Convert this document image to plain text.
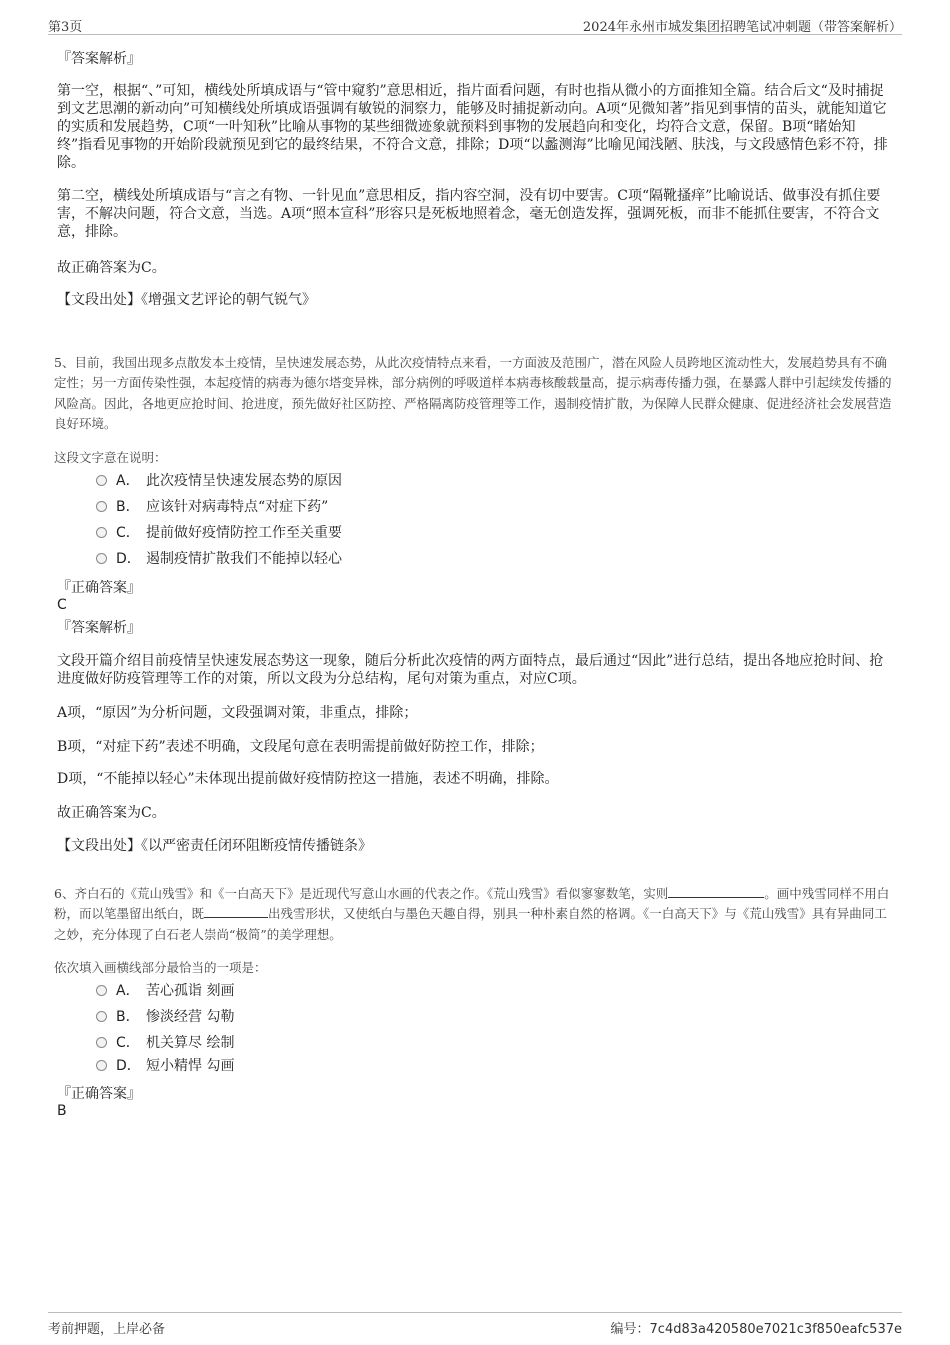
第3页	2024年永州市城发集团招聘笔试冲刺题（带答案解析）
『答案解析』

第一空，根据“、”可知，横线处所填成语与“管中窥豹”意思相近，指片面看问题，有时也指从微小的方面推知全篇。结合后文“及时捕捉到文艺思潮的新动向”可知横线处所填成语强调有敏锐的洞察力，能够及时捕捉新动向。A项“见微知著”指见到事情的苗头，就能知道它的实质和发展趋势，C项“一叶知秋”比喻从事物的某些细微迹象就预料到事物的发展趋向和变化，均符合文意，保留。B项“睹始知终”指看见事物的开始阶段就预见到它的最终结果，不符合文意，排除；D项“以蠡测海”比喻见闻浅陋、肤浅，与文段感情色彩不符，排除。

第二空，横线处所填成语与“言之有物、一针见血”意思相反，指内容空洞，没有切中要害。C项“隔靴搔痒”比喻说话、做事没有抓住要害，不解决问题，符合文意，当选。A项“照本宣科”形容只是死板地照着念，毫无创造发挥，强调死板，而非不能抓住要害，不符合文意，排除。

故正确答案为C。

【文段出处】《增强文艺评论的朝气锐气》

5、目前，我国出现多点散发本土疫情，呈快速发展态势，从此次疫情特点来看，一方面波及范围广，潜在风险人员跨地区流动性大，发展趋势具有不确定性；另一方面传染性强，本起疫情的病毒为德尔塔变异株，部分病例的呼吸道样本病毒核酸载量高，提示病毒传播力强，在暴露人群中引起续发传播的风险高。因此，各地更应抢时间、抢进度，预先做好社区防控、严格隔离防疫管理等工作，遏制疫情扩散，为保障人民群众健康、促进经济社会发展营造良好环境。

这段文字意在说明：

A． 此次疫情呈快速发展态势的原因
B． 应该针对病毒特点“对症下药”
C． 提前做好疫情防控工作至关重要
D． 遏制疫情扩散我们不能掉以轻心
『正确答案』
C
『答案解析』

文段开篇介绍目前疫情呈快速发展态势这一现象，随后分析此次疫情的两方面特点，最后通过“因此”进行总结，提出各地应抢时间、抢进度做好防疫管理等工作的对策，所以文段为分总结构，尾句对策为重点，对应C项。

A项，“原因”为分析问题，文段强调对策，非重点，排除；

B项，“对症下药”表述不明确，文段尾句意在表明需提前做好防控工作，排除；

D项，“不能掉以轻心”未体现出提前做好疫情防控这一措施，表述不明确，排除。

故正确答案为C。

【文段出处】《以严密责任闭环阻断疫情传播链条》

6、齐白石的《荒山残雪》和《一白高天下》是近现代写意山水画的代表之作。《荒山残雪》看似寥寥数笔，实则	。画中残雪同样不用白粉，而以笔墨留出纸白，既	出残雪形状，又使纸白与墨色天趣自得，别具一种朴素自然的格调。《一白高天下》与《荒山残雪》具有异曲同工之妙，充分体现了白石老人崇尚“极简”的美学理想。

依次填入画横线部分最恰当的一项是：

A． 苦心孤诣 刻画
B． 惨淡经营 勾勒
C． 机关算尽 绘制
D． 短小精悍 勾画
『正确答案』
B
考前押题，上岸必备	编号：7c4d83a420580e7021c3f850eafc537e
